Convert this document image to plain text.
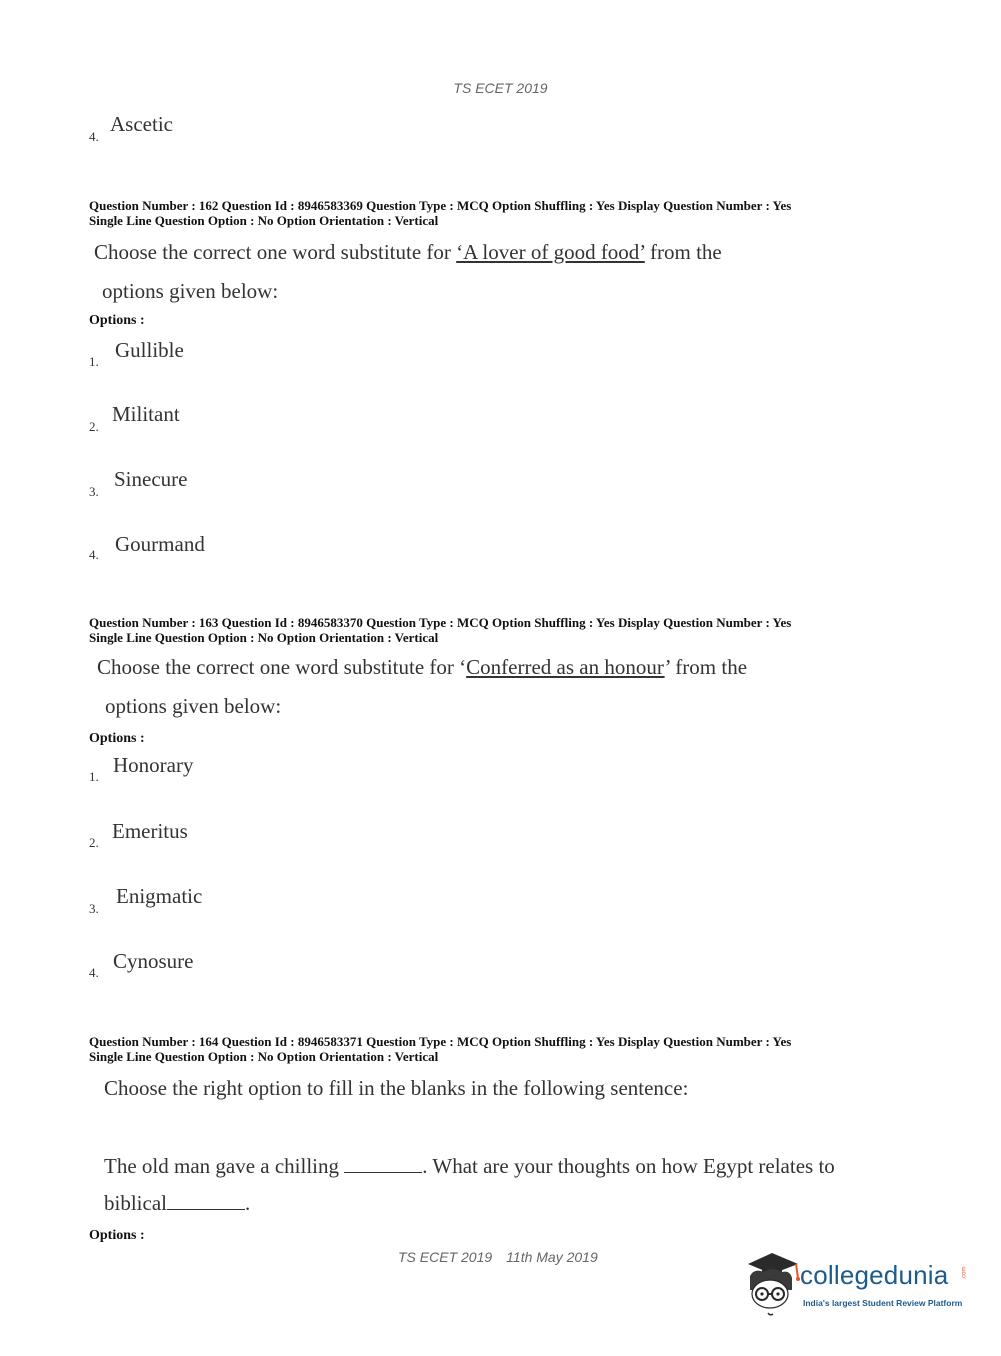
TS ECET 2019
4.
Ascetic
Question Number : 162 Question Id : 8946583369 Question Type : MCQ Option Shuffling : Yes Display Question Number : Yes
Single Line Question Option : No Option Orientation : Vertical
Choose the correct one word substitute for ‘A lover of good food’ from the
options given below:
Options :
1. Gullible
2.
Militant
3.
Sinecure
4. Gourmand
Question Number : 163 Question Id : 8946583370 Question Type : MCQ Option Shuffling : Yes Display Question Number : Yes
Single Line Question Option : No Option Orientation : Vertical
Choose the correct one word substitute for ‘Conferred as an honour’ from the
options given below:
Options :
1. Honorary
2. Emeritus
3.
Enigmatic
4. Cynosure
Question Number : 164 Question Id : 8946583371 Question Type : MCQ Option Shuffling : Yes Display Question Number : Yes
Single Line Question Option : No Option Orientation : Vertical
Choose the right option to fill in the blanks in the following sentence:
The old man gave a chilling	. What are your thoughts on how Egypt relates to
biblical	.
Options :
TS ECET 2019 11th May 2019
collegedunia .com
India's largest Student Review Platform
